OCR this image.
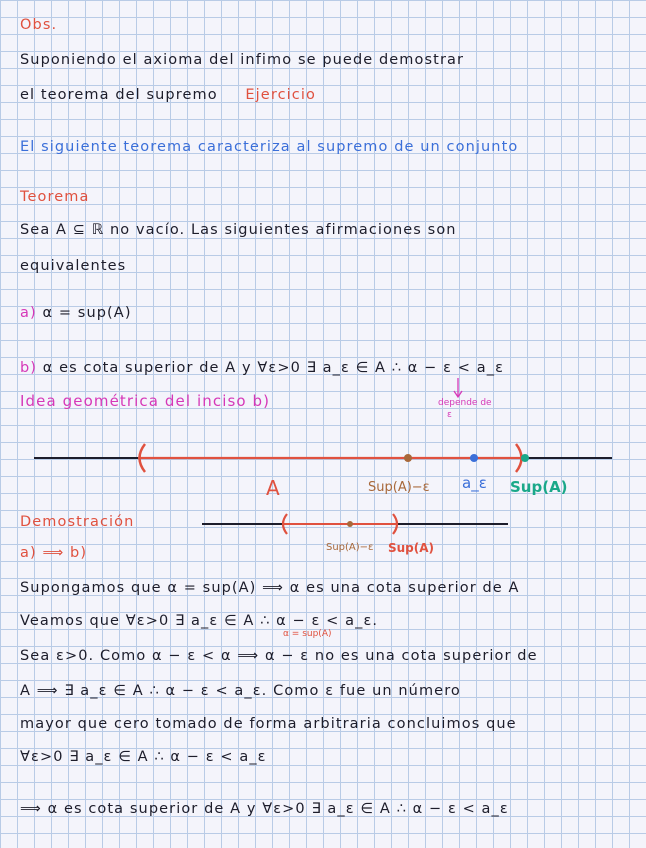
Obs.
Suponiendo el axioma del infimo se puede demostrar
el teorema del supremo Ejercicio
El siguiente teorema caracteriza al supremo de un conjunto
Teorema
Sea A ⊆ ℝ no vacío. Las siguientes afirmaciones son
equivalentes
a) α = sup(A)
b) α es cota superior de A y ∀ε>0 ∃ a_ε ∈ A ∴ α − ε < a_ε
Idea geométrica del inciso b)	depende de
ε
A	Sup(A)−ε a_ε Sup(A)
Demostración
a) ⟹ b)	Sup(A)−ε Sup(A)
Supongamos que α = sup(A) ⟹ α es una cota superior de A
Veamos que ∀ε>0 ∃ a_ε ∈ A ∴ α − ε < a_ε.
α = sup(A)
Sea ε>0. Como α − ε < α ⟹ α − ε no es una cota superior de
A ⟹ ∃ a_ε ∈ A ∴ α − ε < a_ε. Como ε fue un número
mayor que cero tomado de forma arbitraria concluimos que
∀ε>0 ∃ a_ε ∈ A ∴ α − ε < a_ε
⟹ α es cota superior de A y ∀ε>0 ∃ a_ε ∈ A ∴ α − ε < a_ε
